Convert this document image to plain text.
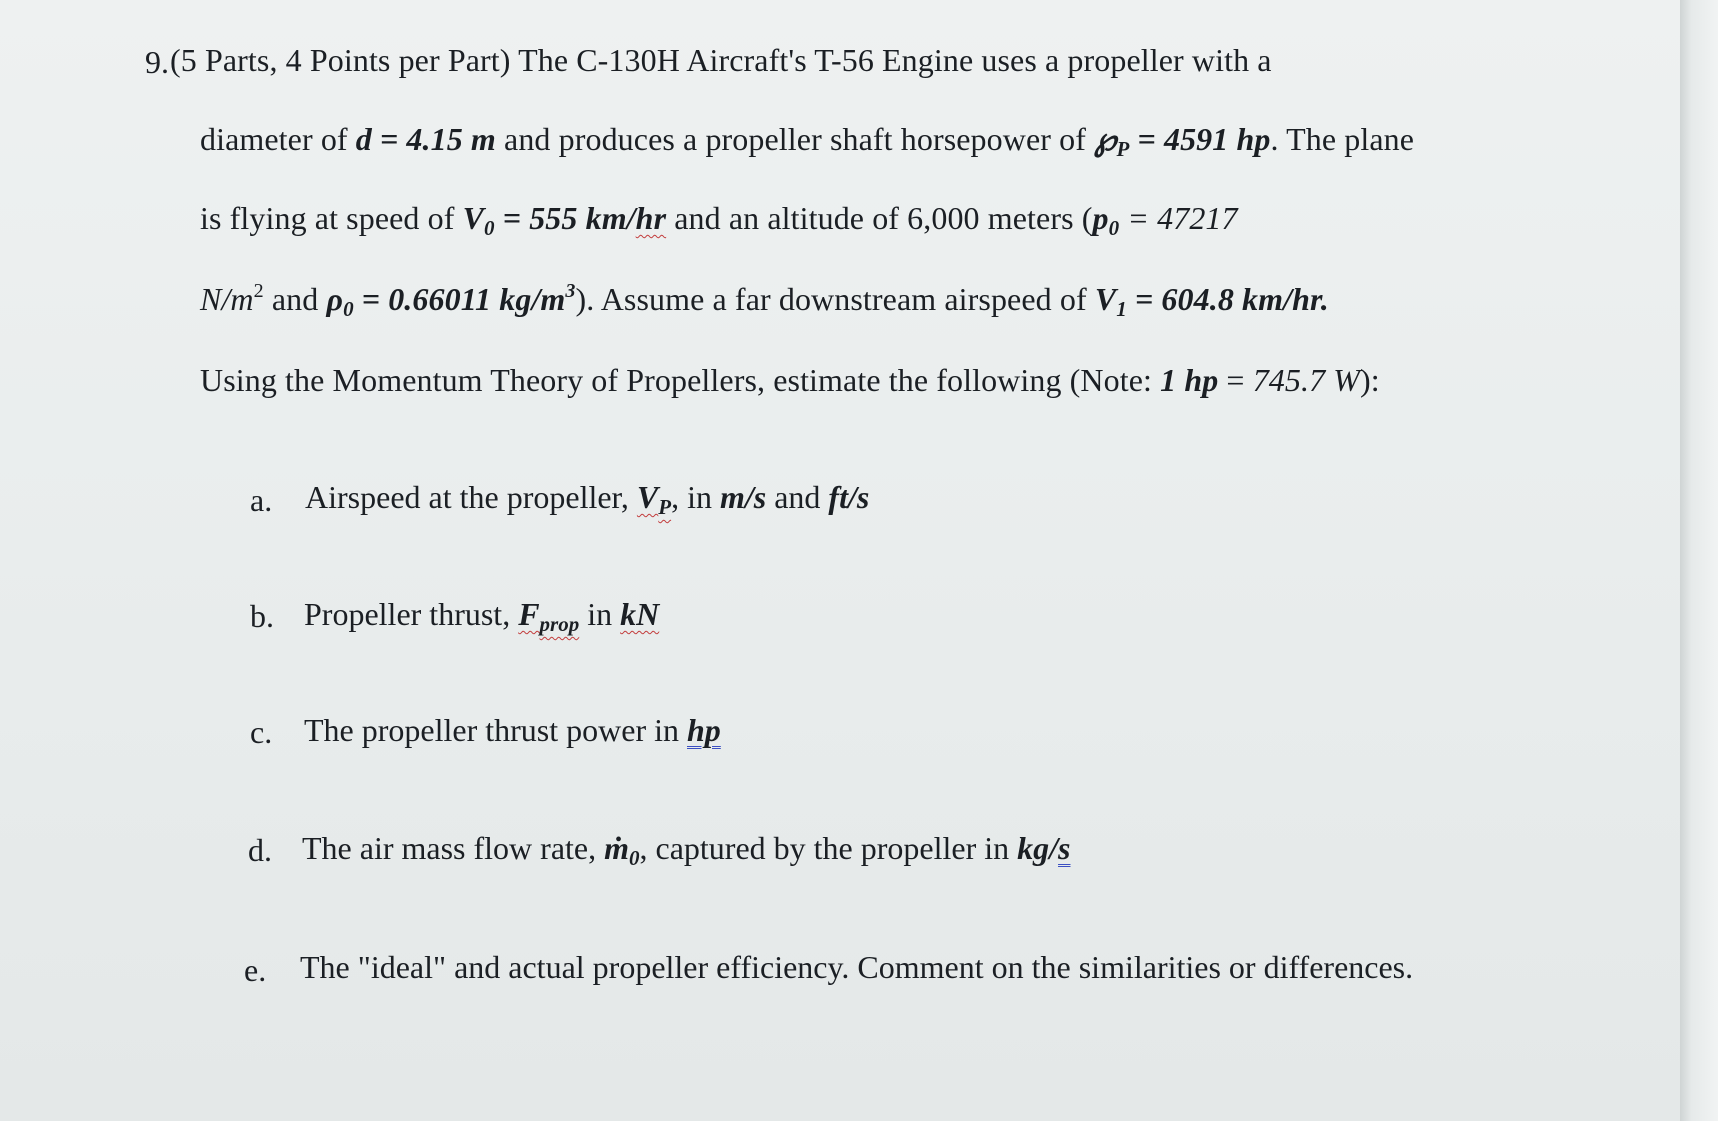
9. (5 Parts, 4 Points per Part) The C-130H Aircraft's T-56 Engine uses a propeller with a
diameter of d = 4.15 m and produces a propeller shaft horsepower of $℘_P = 4591$ hp. The plane
is flying at speed of $V_0 = 555$ km/hr and an altitude of 6,000 meters ($p_0 = 47217$
$N/m^2$ and $\rho_0 = 0.66011$ $kg/m^3$). Assume a far downstream airspeed of $V_1 = 604.8$ km/hr.
Using the Momentum Theory of Propellers, estimate the following (Note: 1 hp = 745.7 W):
a. Airspeed at the propeller, $V_P$, in m/s and ft/s
b. Propeller thrust, $F_{prop}$ in kN
c. The propeller thrust power in hp
d. The air mass flow rate, ṁ$_0$, captured by the propeller in kg/s
e. The "ideal" and actual propeller efficiency. Comment on the similarities or differences.
